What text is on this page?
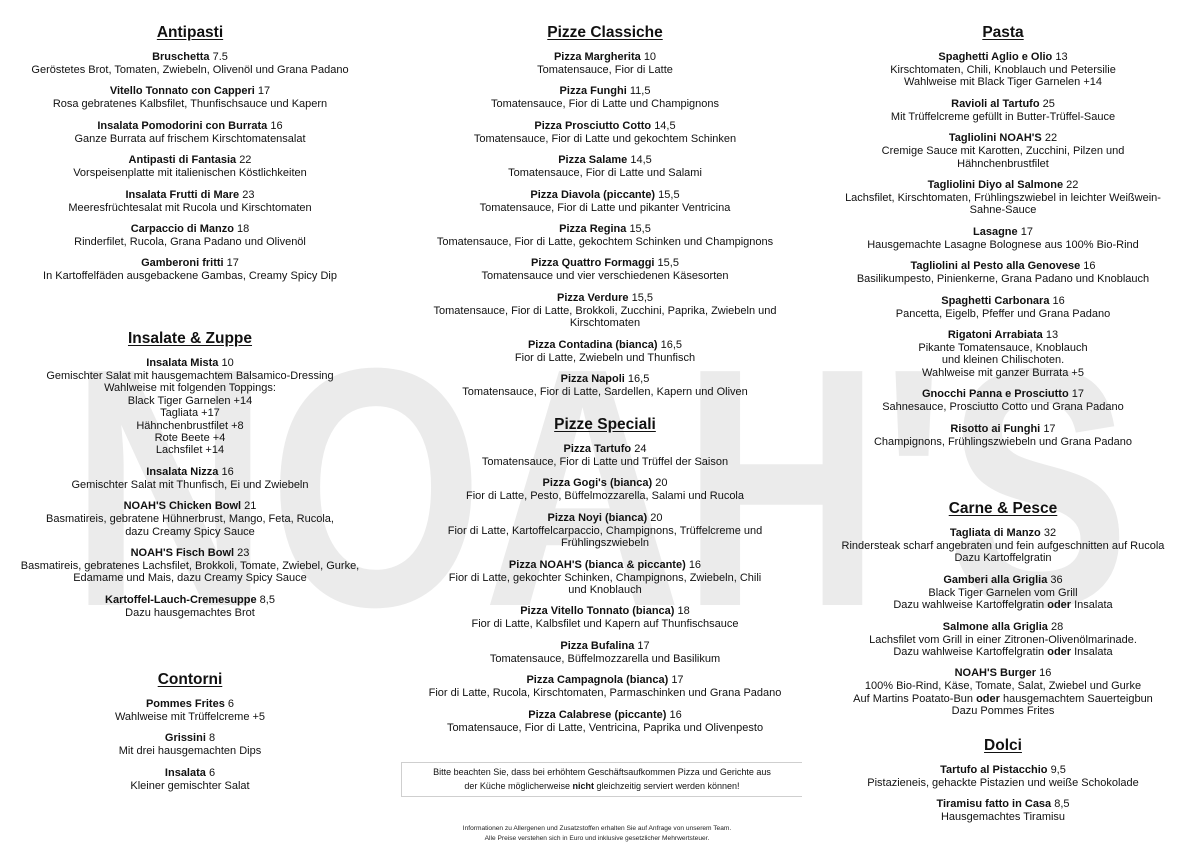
NOAH'S
Antipasti
Bruschetta 7.5
Geröstetes Brot, Tomaten, Zwiebeln, Olivenöl und Grana Padano
Vitello Tonnato con Capperi 17
Rosa gebratenes Kalbsfilet, Thunfischsauce und Kapern
Insalata Pomodorini con Burrata 16
Ganze Burrata auf frischem Kirschtomatensalat
Antipasti di Fantasia 22
Vorspeisenplatte mit italienischen Köstlichkeiten
Insalata Frutti di Mare 23
Meeresfrüchtesalat mit Rucola und Kirschtomaten
Carpaccio di Manzo 18
Rinderfilet, Rucola, Grana Padano und Olivenöl
Gamberoni fritti 17
In Kartoffelfäden ausgebackene Gambas, Creamy Spicy Dip
Insalate & Zuppe
Insalata Mista 10
Gemischter Salat mit hausgemachtem Balsamico-Dressing
Wahlweise mit folgenden Toppings:
Black Tiger Garnelen +14
Tagliata +17
Hähnchenbrustfilet +8
Rote Beete +4
Lachsfilet +14
Insalata Nizza 16
Gemischter Salat mit Thunfisch, Ei und Zwiebeln
NOAH'S Chicken Bowl 21
Basmatireis, gebratene Hühnerbrust, Mango, Feta, Rucola,
dazu Creamy Spicy Sauce
NOAH'S Fisch Bowl 23
Basmatireis, gebratenes Lachsfilet, Brokkoli, Tomate, Zwiebel, Gurke,
Edamame und Mais, dazu Creamy Spicy Sauce
Kartoffel-Lauch-Cremesuppe 8,5
Dazu hausgemachtes Brot
Contorni
Pommes Frites 6
Wahlweise mit Trüffelcreme +5
Grissini 8
Mit drei hausgemachten Dips
Insalata 6
Kleiner gemischter Salat
Pizze Classiche
Pizza Margherita 10
Tomatensauce, Fior di Latte
Pizza Funghi 11,5
Tomatensauce, Fior di Latte und Champignons
Pizza Prosciutto Cotto 14,5
Tomatensauce, Fior di Latte und gekochtem Schinken
Pizza Salame 14,5
Tomatensauce, Fior di Latte und Salami
Pizza Diavola (piccante) 15,5
Tomatensauce, Fior di Latte und pikanter Ventricina
Pizza Regina 15,5
Tomatensauce, Fior di Latte, gekochtem Schinken und Champignons
Pizza Quattro Formaggi 15,5
Tomatensauce und vier verschiedenen Käsesorten
Pizza Verdure 15,5
Tomatensauce, Fior di Latte, Brokkoli, Zucchini, Paprika, Zwiebeln und
Kirschtomaten
Pizza Contadina (bianca) 16,5
Fior di Latte, Zwiebeln und Thunfisch
Pizza Napoli 16,5
Tomatensauce, Fior di Latte, Sardellen, Kapern und Oliven
Pizze Speciali
Pizza Tartufo 24
Tomatensauce, Fior di Latte und Trüffel der Saison
Pizza Gogi's (bianca) 20
Fior di Latte, Pesto, Büffelmozzarella, Salami und Rucola
Pizza Noyi (bianca) 20
Fior di Latte, Kartoffelcarpaccio, Champignons, Trüffelcreme und
Frühlingszwiebeln
Pizza NOAH'S (bianca & piccante) 16
Fior di Latte, gekochter Schinken, Champignons, Zwiebeln, Chili
und Knoblauch
Pizza Vitello Tonnato (bianca) 18
Fior di Latte, Kalbsfilet und Kapern auf Thunfischsauce
Pizza Bufalina 17
Tomatensauce, Büffelmozzarella und Basilikum
Pizza Campagnola (bianca) 17
Fior di Latte, Rucola, Kirschtomaten, Parmaschinken und Grana Padano
Pizza Calabrese (piccante) 16
Tomatensauce, Fior di Latte, Ventricina, Paprika und Olivenpesto
Pasta
Spaghetti Aglio e Olio 13
Kirschtomaten, Chili, Knoblauch und Petersilie
Wahlweise mit Black Tiger Garnelen +14
Ravioli al Tartufo 25
Mit Trüffelcreme gefüllt in Butter-Trüffel-Sauce
Tagliolini NOAH'S 22
Cremige Sauce mit Karotten, Zucchini, Pilzen und
Hähnchenbrustfilet
Tagliolini Diyo al Salmone 22
Lachsfilet, Kirschtomaten, Frühlingszwiebel in leichter Weißwein-
Sahne-Sauce
Lasagne 17
Hausgemachte Lasagne Bolognese aus 100% Bio-Rind
Tagliolini al Pesto alla Genovese 16
Basilikumpesto, Pinienkerne, Grana Padano und Knoblauch
Spaghetti Carbonara 16
Pancetta, Eigelb, Pfeffer und Grana Padano
Rigatoni Arrabiata 13
Pikante Tomatensauce, Knoblauch
und kleinen Chilischoten.
Wahlweise mit ganzer Burrata +5
Gnocchi Panna e Prosciutto 17
Sahnesauce, Prosciutto Cotto und Grana Padano
Risotto ai Funghi 17
Champignons, Frühlingszwiebeln und Grana Padano
Carne & Pesce
Tagliata di Manzo 32
Rindersteak scharf angebraten und fein aufgeschnitten auf Rucola
Dazu Kartoffelgratin
Gamberi alla Griglia 36
Black Tiger Garnelen vom Grill
Dazu wahlweise Kartoffelgratin oder Insalata
Salmone alla Griglia 28
Lachsfilet vom Grill in einer Zitronen-Olivenölmarinade.
Dazu wahlweise Kartoffelgratin oder Insalata
NOAH'S Burger 16
100% Bio-Rind, Käse, Tomate, Salat, Zwiebel und Gurke
Auf Martins Poatato-Bun oder hausgemachtem Sauerteigbun
Dazu Pommes Frites
Dolci
Tartufo al Pistacchio 9,5
Pistazieneis, gehackte Pistazien und weiße Schokolade
Tiramisu fatto in Casa 8,5
Hausgemachtes Tiramisu
Bitte beachten Sie, dass bei erhöhtem Geschäftsaufkommen Pizza und Gerichte aus
der Küche möglicherweise nicht gleichzeitig serviert werden können!
Informationen zu Allergenen und Zusatzstoffen erhalten Sie auf Anfrage von unserem Team.
Alle Preise verstehen sich in Euro und inklusive gesetzlicher Mehrwertsteuer.
